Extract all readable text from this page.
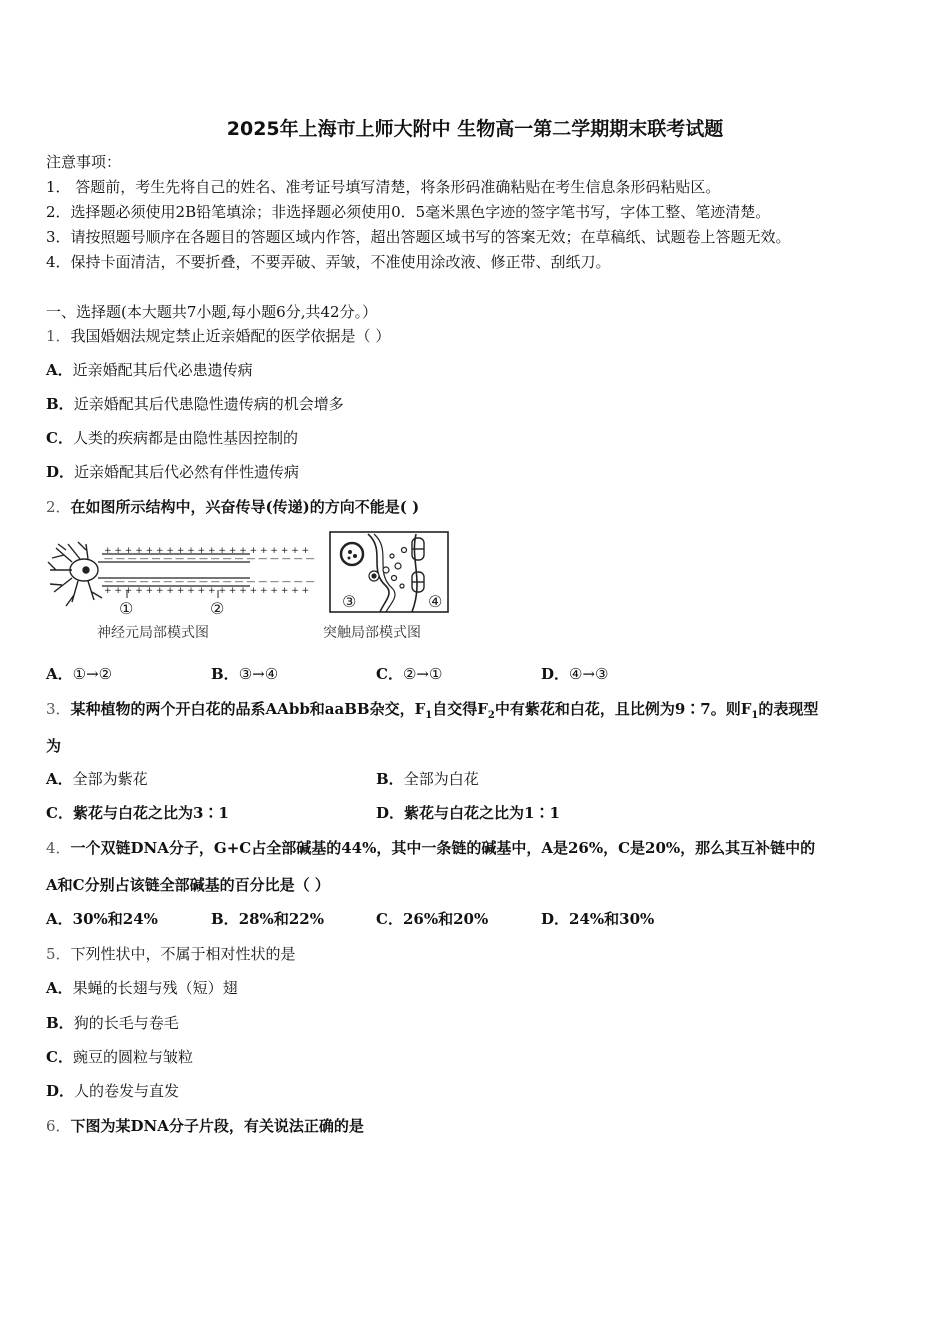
2025年上海市上师大附中 生物高一第二学期期末联考试题
注意事项：
1． 答题前，考生先将自己的姓名、准考证号填写清楚，将条形码准确粘贴在考生信息条形码粘贴区。
2．选择题必须使用2B铅笔填涂；非选择题必须使用0．5毫米黑色字迹的签字笔书写，字体工整、笔迹清楚。
3．请按照题号顺序在各题目的答题区域内作答，超出答题区域书写的答案无效；在草稿纸、试题卷上答题无效。
4．保持卡面清洁，不要折叠，不要弄破、弄皱，不准使用涂改液、修正带、刮纸刀。
一、选择题(本大题共7小题,每小题6分,共42分。）
1．我国婚姻法规定禁止近亲婚配的医学依据是（ ）
A．近亲婚配其后代必患遗传病
B．近亲婚配其后代患隐性遗传病的机会增多
C．人类的疾病都是由隐性基因控制的
D．近亲婚配其后代必然有伴性遗传病
2．在如图所示结构中，兴奋传导(传递)的方向不能是( )
+ + + + + + + + + + + + + + + + + + + +
— — — — — — — — — — — — — — — — — —
— — — — — — — — — — — — — — — — — —
+ + + + + + + + + + + + + + + + + + + +
①	②
神经元局部模式图
③	④
突触局部模式图
A．①→②	B．③→④	C．②→①	D．④→③
3．某种植物的两个开白花的品系AAbb和aaBB杂交，$F_1$自交得$F_2$中有紫花和白花，且比例为9∶7。则$F_1$的表现型
为
A．全部为紫花	B．全部为白花
C．紫花与白花之比为3∶1	D．紫花与白花之比为1∶1
4．一个双链DNA分子，G+C占全部碱基的44%，其中一条链的碱基中，A是26%，C是20%，那么其互补链中的
A和C分别占该链全部碱基的百分比是（ ）
A．30%和24%	B．28%和22%	C．26%和20%	D．24%和30%
5．下列性状中，不属于相对性状的是
A．果蝇的长翅与残（短）翅
B．狗的长毛与卷毛
C．豌豆的圆粒与皱粒
D．人的卷发与直发
6．下图为某DNA分子片段，有关说法正确的是
